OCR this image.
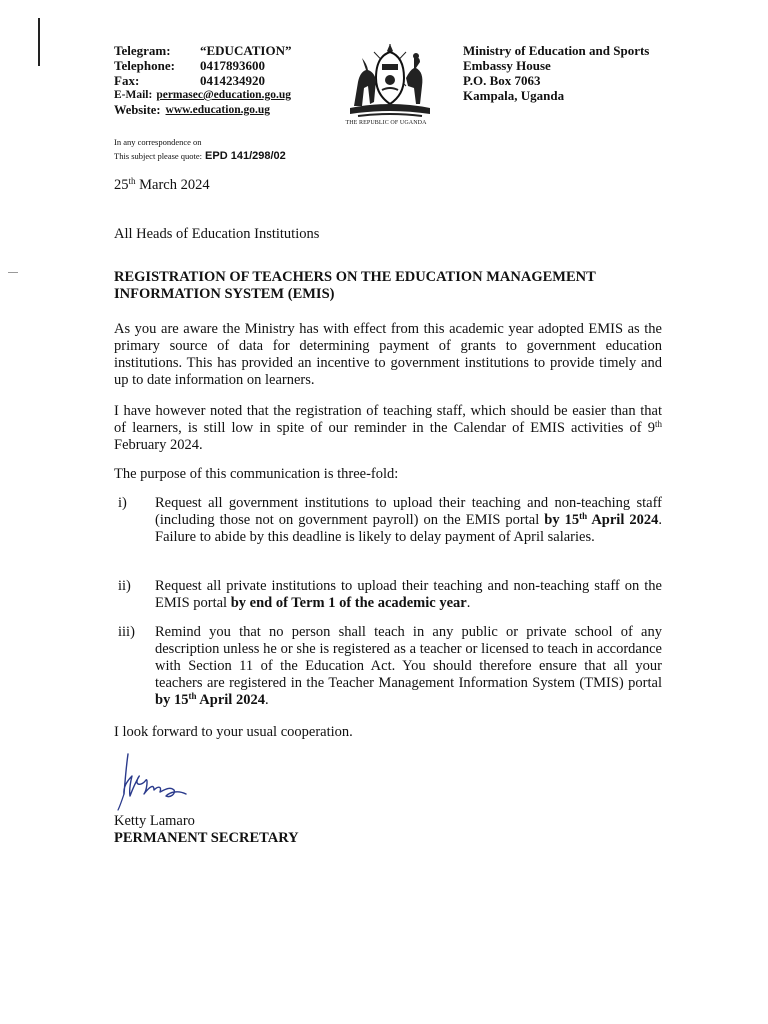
Telegram:	“EDUCATION”
Telephone:	0417893600
Fax:	0414234920
E-Mail: permasec@education.go.ug
Website: www.education.go.ug
THE REPUBLIC OF UGANDA
Ministry of Education and Sports
Embassy House
P.O. Box 7063
Kampala, Uganda
In any correspondence on
This subject please quote: EPD 141/298/02
25th March 2024
All Heads of Education Institutions
REGISTRATION OF TEACHERS ON THE EDUCATION MANAGEMENT
INFORMATION SYSTEM (EMIS)
As you are aware the Ministry has with effect from this academic year adopted EMIS as the primary source of data for determining payment of grants to government education institutions. This has provided an incentive to government institutions to provide timely and up to date information on learners.
I have however noted that the registration of teaching staff, which should be easier than that of learners, is still low in spite of our reminder in the Calendar of EMIS activities of 9th February 2024.
The purpose of this communication is three-fold:
i)	Request all government institutions to upload their teaching and non-teaching staff (including those not on government payroll) on the EMIS portal by 15th April 2024. Failure to abide by this deadline is likely to delay payment of April salaries.
ii)	Request all private institutions to upload their teaching and non-teaching staff on the EMIS portal by end of Term 1 of the academic year.
iii)	Remind you that no person shall teach in any public or private school of any description unless he or she is registered as a teacher or licensed to teach in accordance with Section 11 of the Education Act. You should therefore ensure that all your teachers are registered in the Teacher Management Information System (TMIS) portal by 15th April 2024.
I look forward to your usual cooperation.
Ketty Lamaro
PERMANENT SECRETARY
